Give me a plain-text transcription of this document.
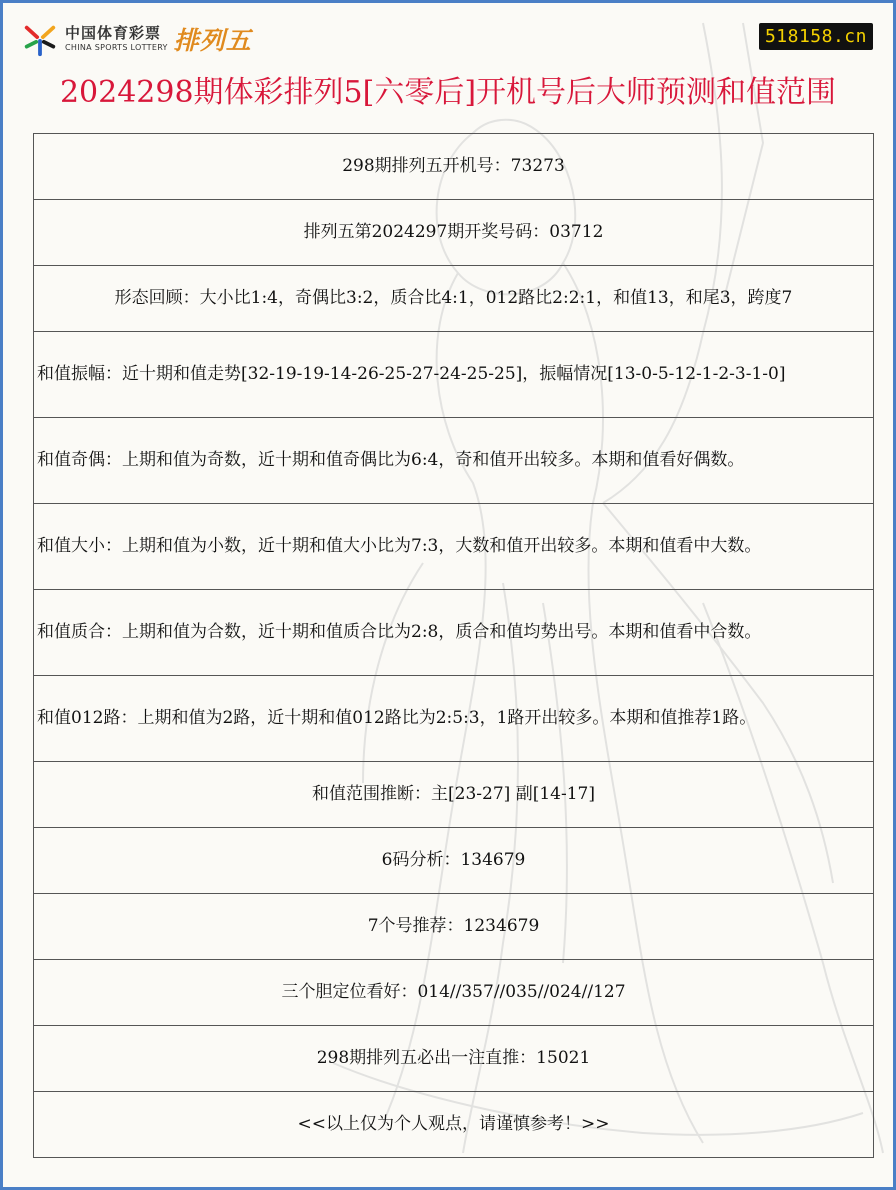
中国体育彩票
CHINA SPORTS LOTTERY 排列五	518158.cn
2024298期体彩排列5[六零后]开机号后大师预测和值范围
298期排列五开机号：73273
排列五第2024297期开奖号码：03712
形态回顾：大小比1:4，奇偶比3:2，质合比4:1，012路比2:2:1，和值13，和尾3，跨度7
和值振幅：近十期和值走势[32-19-19-14-26-25-27-24-25-25]，振幅情况[13-0-5-12-1-2-3-1-0]
和值奇偶：上期和值为奇数，近十期和值奇偶比为6:4，奇和值开出较多。本期和值看好偶数。
和值大小：上期和值为小数，近十期和值大小比为7:3，大数和值开出较多。本期和值看中大数。
和值质合：上期和值为合数，近十期和值质合比为2:8，质合和值均势出号。本期和值看中合数。
和值012路：上期和值为2路，近十期和值012路比为2:5:3，1路开出较多。本期和值推荐1路。
和值范围推断：主[23-27] 副[14-17]
6码分析：134679
7个号推荐：1234679
三个胆定位看好：014//357//035//024//127
298期排列五必出一注直推：15021
<<以上仅为个人观点，请谨慎参考！>>
